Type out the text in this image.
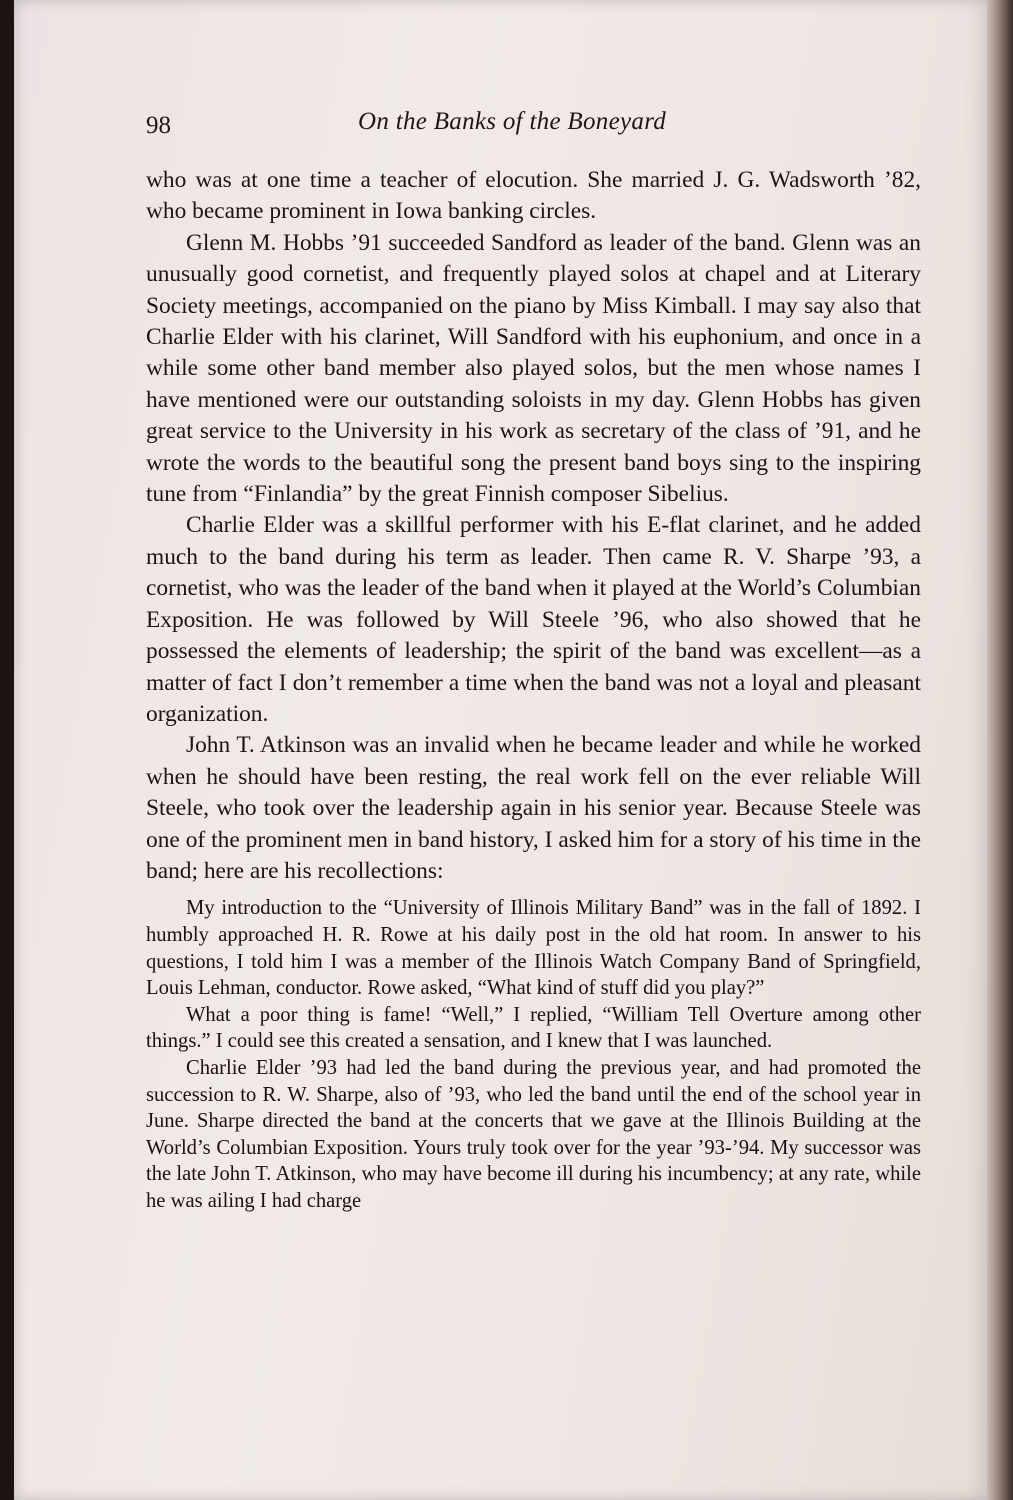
98	On the Banks of the Boneyard

who was at one time a teacher of elocution. She married J. G. Wadsworth ’82, who became prominent in Iowa banking circles.

Glenn M. Hobbs ’91 succeeded Sandford as leader of the band. Glenn was an unusually good cornetist, and frequently played solos at chapel and at Literary Society meetings, accompanied on the piano by Miss Kimball. I may say also that Charlie Elder with his clarinet, Will Sandford with his euphonium, and once in a while some other band member also played solos, but the men whose names I have mentioned were our outstanding soloists in my day. Glenn Hobbs has given great service to the University in his work as secretary of the class of ’91, and he wrote the words to the beautiful song the present band boys sing to the inspiring tune from “Finlandia” by the great Finnish composer Sibelius.

Charlie Elder was a skillful performer with his E-flat clarinet, and he added much to the band during his term as leader. Then came R. V. Sharpe ’93, a cornetist, who was the leader of the band when it played at the World’s Columbian Exposition. He was followed by Will Steele ’96, who also showed that he possessed the elements of leadership; the spirit of the band was excellent—as a matter of fact I don’t remember a time when the band was not a loyal and pleasant organization.

John T. Atkinson was an invalid when he became leader and while he worked when he should have been resting, the real work fell on the ever reliable Will Steele, who took over the leadership again in his senior year. Because Steele was one of the prominent men in band history, I asked him for a story of his time in the band; here are his recollections:

My introduction to the “University of Illinois Military Band” was in the fall of 1892. I humbly approached H. R. Rowe at his daily post in the old hat room. In answer to his questions, I told him I was a member of the Illinois Watch Company Band of Springfield, Louis Lehman, conductor. Rowe asked, “What kind of stuff did you play?”

What a poor thing is fame! “Well,” I replied, “William Tell Overture among other things.” I could see this created a sensation, and I knew that I was launched.

Charlie Elder ’93 had led the band during the previous year, and had promoted the succession to R. W. Sharpe, also of ’93, who led the band until the end of the school year in June. Sharpe directed the band at the concerts that we gave at the Illinois Building at the World’s Columbian Exposition. Yours truly took over for the year ’93-’94. My successor was the late John T. Atkinson, who may have become ill during his incumbency; at any rate, while he was ailing I had charge
